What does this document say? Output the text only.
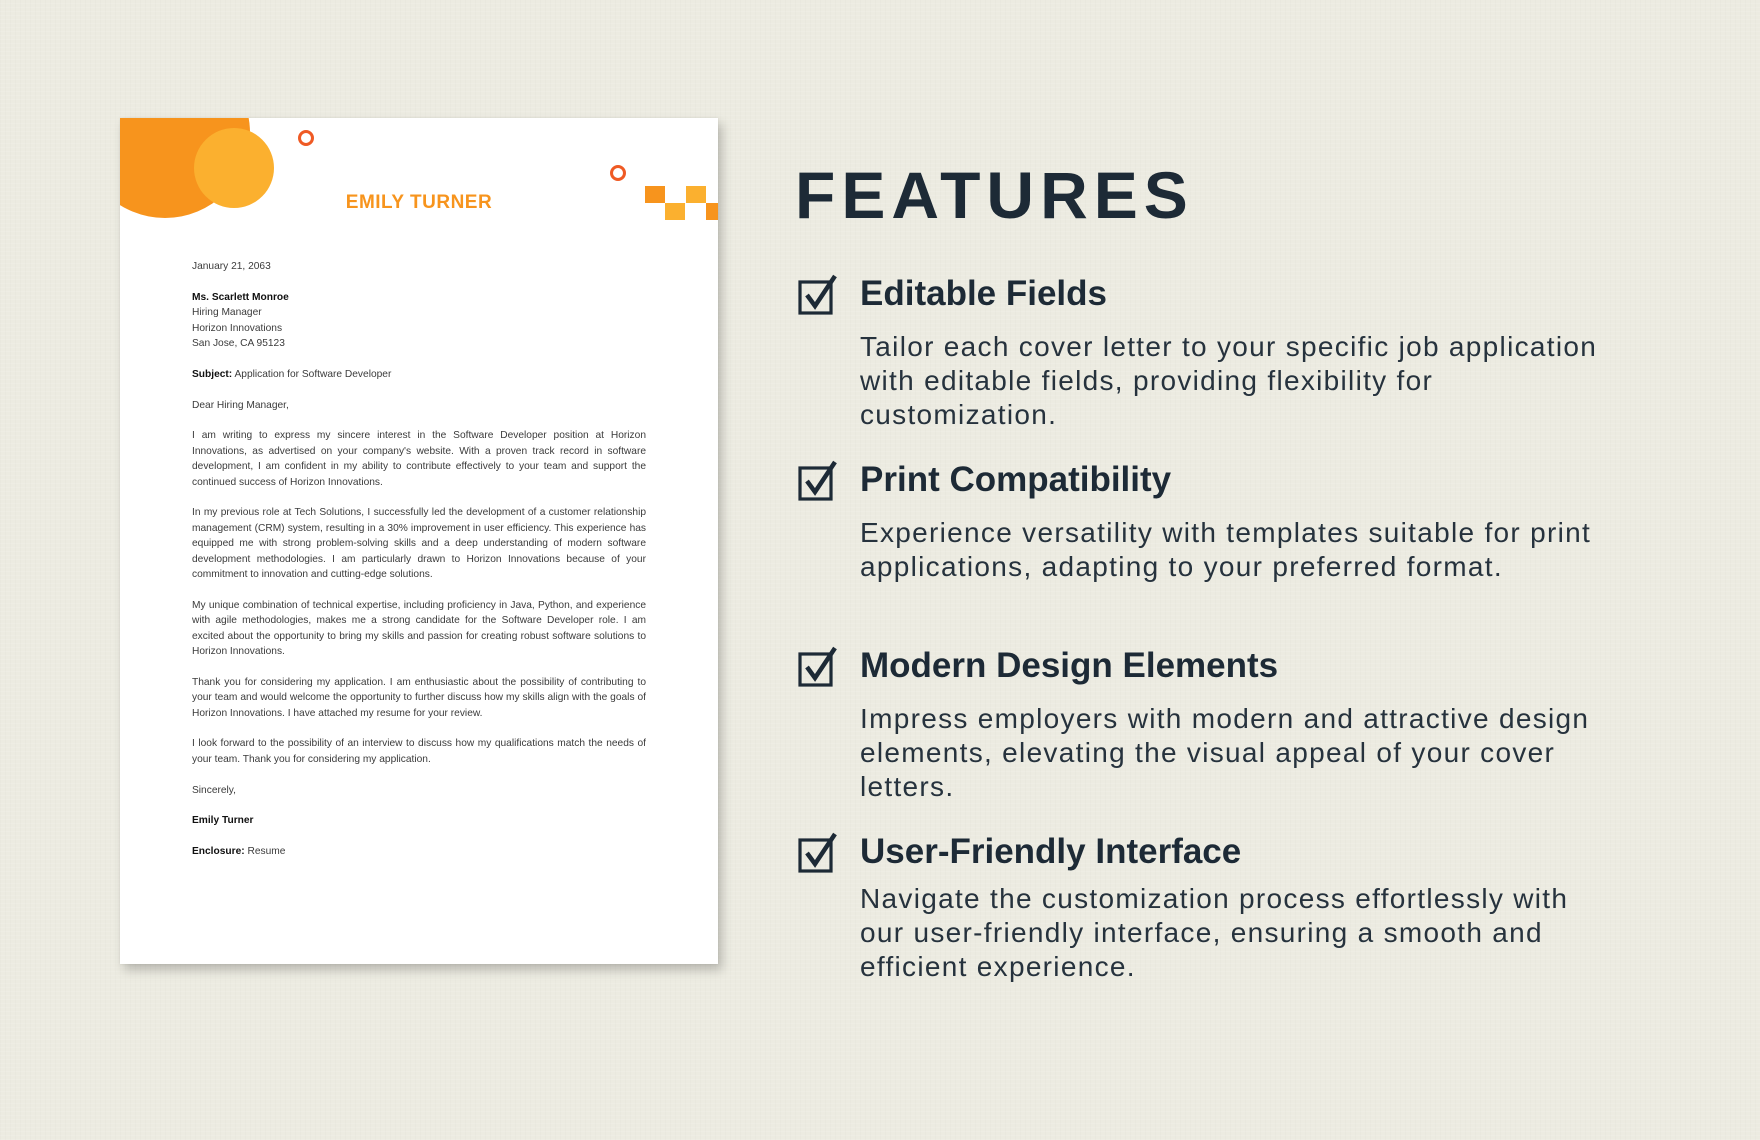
EMILY TURNER

January 21, 2063

Ms. Scarlett Monroe
Hiring Manager
Horizon Innovations
San Jose, CA 95123

Subject: Application for Software Developer

Dear Hiring Manager,

I am writing to express my sincere interest in the Software Developer position at Horizon Innovations, as advertised on your company's website. With a proven track record in software development, I am confident in my ability to contribute effectively to your team and support the continued success of Horizon Innovations.

In my previous role at Tech Solutions, I successfully led the development of a customer relationship management (CRM) system, resulting in a 30% improvement in user efficiency. This experience has equipped me with strong problem-solving skills and a deep understanding of modern software development methodologies. I am particularly drawn to Horizon Innovations because of your commitment to innovation and cutting-edge solutions.

My unique combination of technical expertise, including proficiency in Java, Python, and experience with agile methodologies, makes me a strong candidate for the Software Developer role. I am excited about the opportunity to bring my skills and passion for creating robust software solutions to Horizon Innovations.

Thank you for considering my application. I am enthusiastic about the possibility of contributing to your team and would welcome the opportunity to further discuss how my skills align with the goals of Horizon Innovations. I have attached my resume for your review.

I look forward to the possibility of an interview to discuss how my qualifications match the needs of your team. Thank you for considering my application.

Sincerely,

Emily Turner

Enclosure: Resume

FEATURES
Editable Fields

Tailor each cover letter to your specific job application with editable fields, providing flexibility for customization.

Print Compatibility

Experience versatility with templates suitable for print applications, adapting to your preferred format.

Modern Design Elements

Impress employers with modern and attractive design elements, elevating the visual appeal of your cover letters.

User-Friendly Interface

Navigate the customization process effortlessly with our user-friendly interface, ensuring a smooth and efficient experience.
